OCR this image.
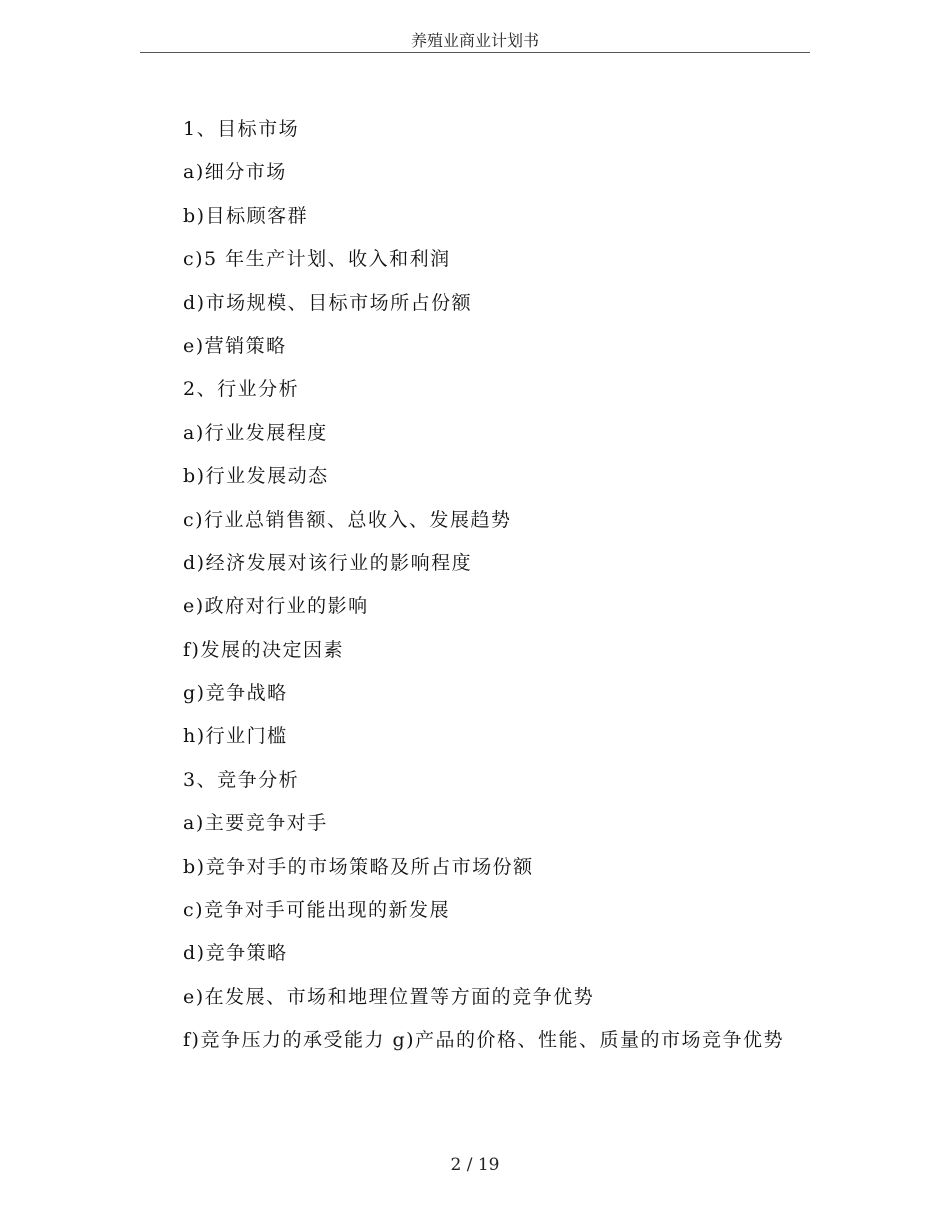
养殖业商业计划书

1、目标市场

a)细分市场

b)目标顾客群

c)5 年生产计划、收入和利润

d)市场规模、目标市场所占份额

e)营销策略

2、行业分析

a)行业发展程度

b)行业发展动态

c)行业总销售额、总收入、发展趋势

d)经济发展对该行业的影响程度

e)政府对行业的影响

f)发展的决定因素

g)竞争战略

h)行业门槛

3、竞争分析

a)主要竞争对手

b)竞争对手的市场策略及所占市场份额

c)竞争对手可能出现的新发展

d)竞争策略

e)在发展、市场和地理位置等方面的竞争优势

f)竞争压力的承受能力 g)产品的价格、性能、质量的市场竞争优势

2 / 19
